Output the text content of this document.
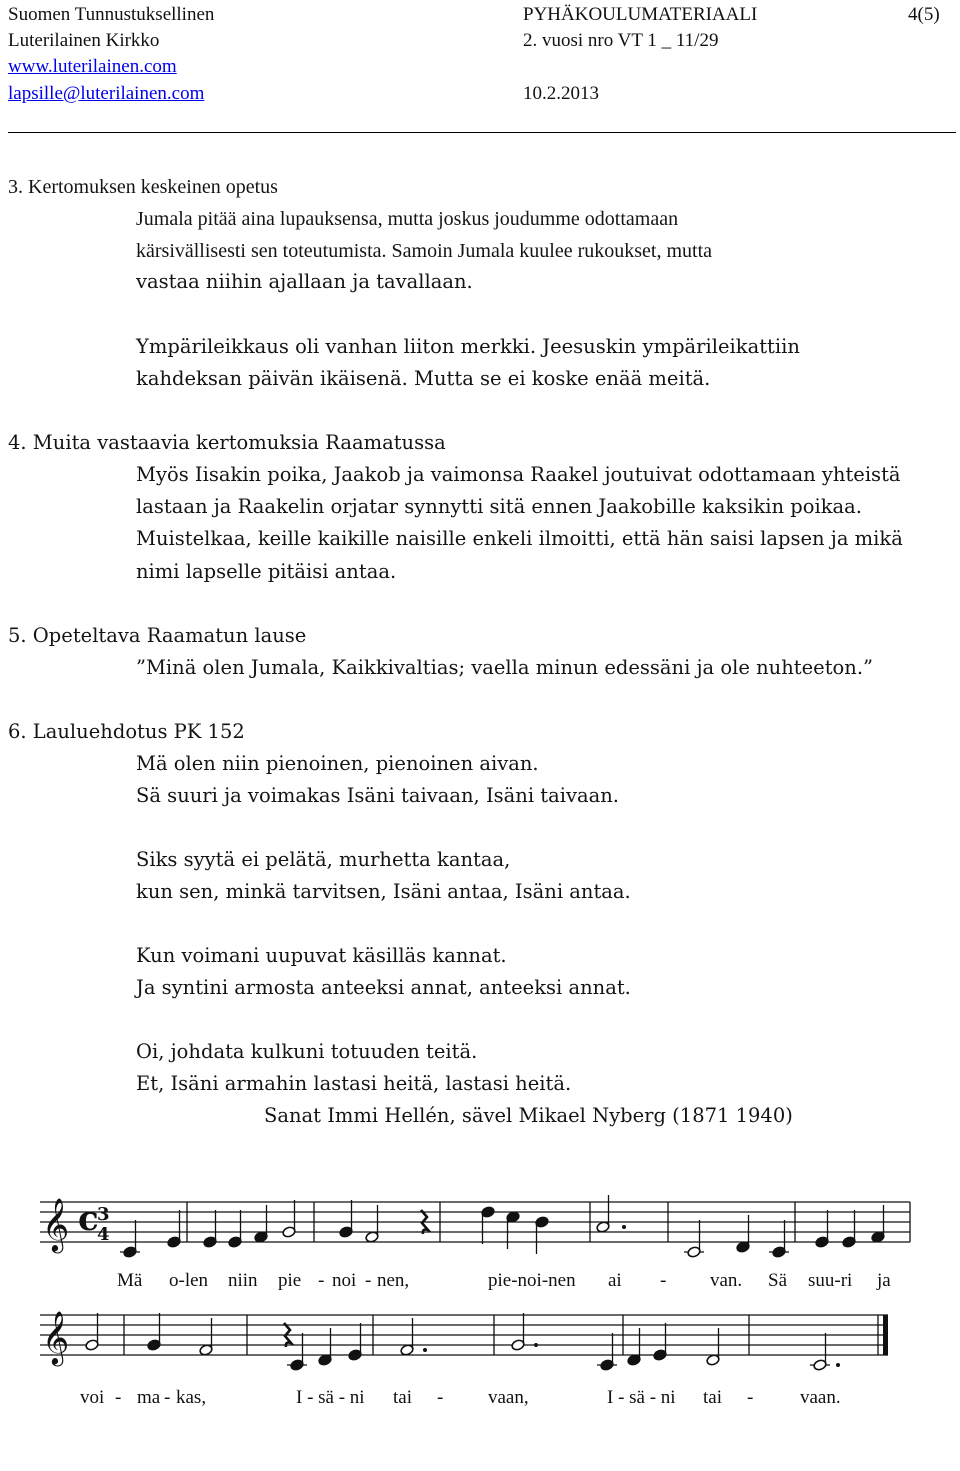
Suomen Tunnustuksellinen
Luterilainen Kirkko
www.luterilainen.com
lapsille@luterilainen.com
PYHÄKOULUMATERIAALI
2. vuosi nro VT 1 _ 11/29
10.2.2013
4(5)
3. Kertomuksen keskeinen opetus
Jumala pitää aina lupauksensa, mutta joskus joudumme odottamaan
kärsivällisesti sen toteutumista. Samoin Jumala kuulee rukoukset, mutta
vastaa niihin ajallaan ja tavallaan.
Ympärileikkaus oli vanhan liiton merkki. Jeesuskin ympärileikattiin
kahdeksan päivän ikäisenä. Mutta se ei koske enää meitä.
4. Muita vastaavia kertomuksia Raamatussa
Myös Iisakin poika, Jaakob ja vaimonsa Raakel joutuivat odottamaan yhteistä
lastaan ja Raakelin orjatar synnytti sitä ennen Jaakobille kaksikin poikaa.
Muistelkaa, keille kaikille naisille enkeli ilmoitti, että hän saisi lapsen ja mikä
nimi lapselle pitäisi antaa.
5. Opeteltava Raamatun lause
”Minä olen Jumala, Kaikkivaltias; vaella minun edessäni ja ole nuhteeton.”
6. Lauluehdotus PK 152
Mä olen niin pienoinen, pienoinen aivan.
Sä suuri ja voimakas Isäni taivaan, Isäni taivaan.
Siks syytä ei pelätä, murhetta kantaa,
kun sen, minkä tarvitsen, Isäni antaa, Isäni antaa.
Kun voimani uupuvat käsilläs kannat.
Ja syntini armosta anteeksi annat, anteeksi annat.
Oi, johdata kulkuni totuuden teitä.
Et, Isäni armahin lastasi heitä, lastasi heitä.
Sanat Immi Hellén, sävel Mikael Nyberg (1871 1940)
𝄞 c
3
4
𝄞
Mä o-len niin pie - noi - nen,	pie-noi-nen ai - van. Sä suu-ri ja
voi - ma - kas,	I - sä - ni tai - vaan,	I - sä - ni tai - vaan.
